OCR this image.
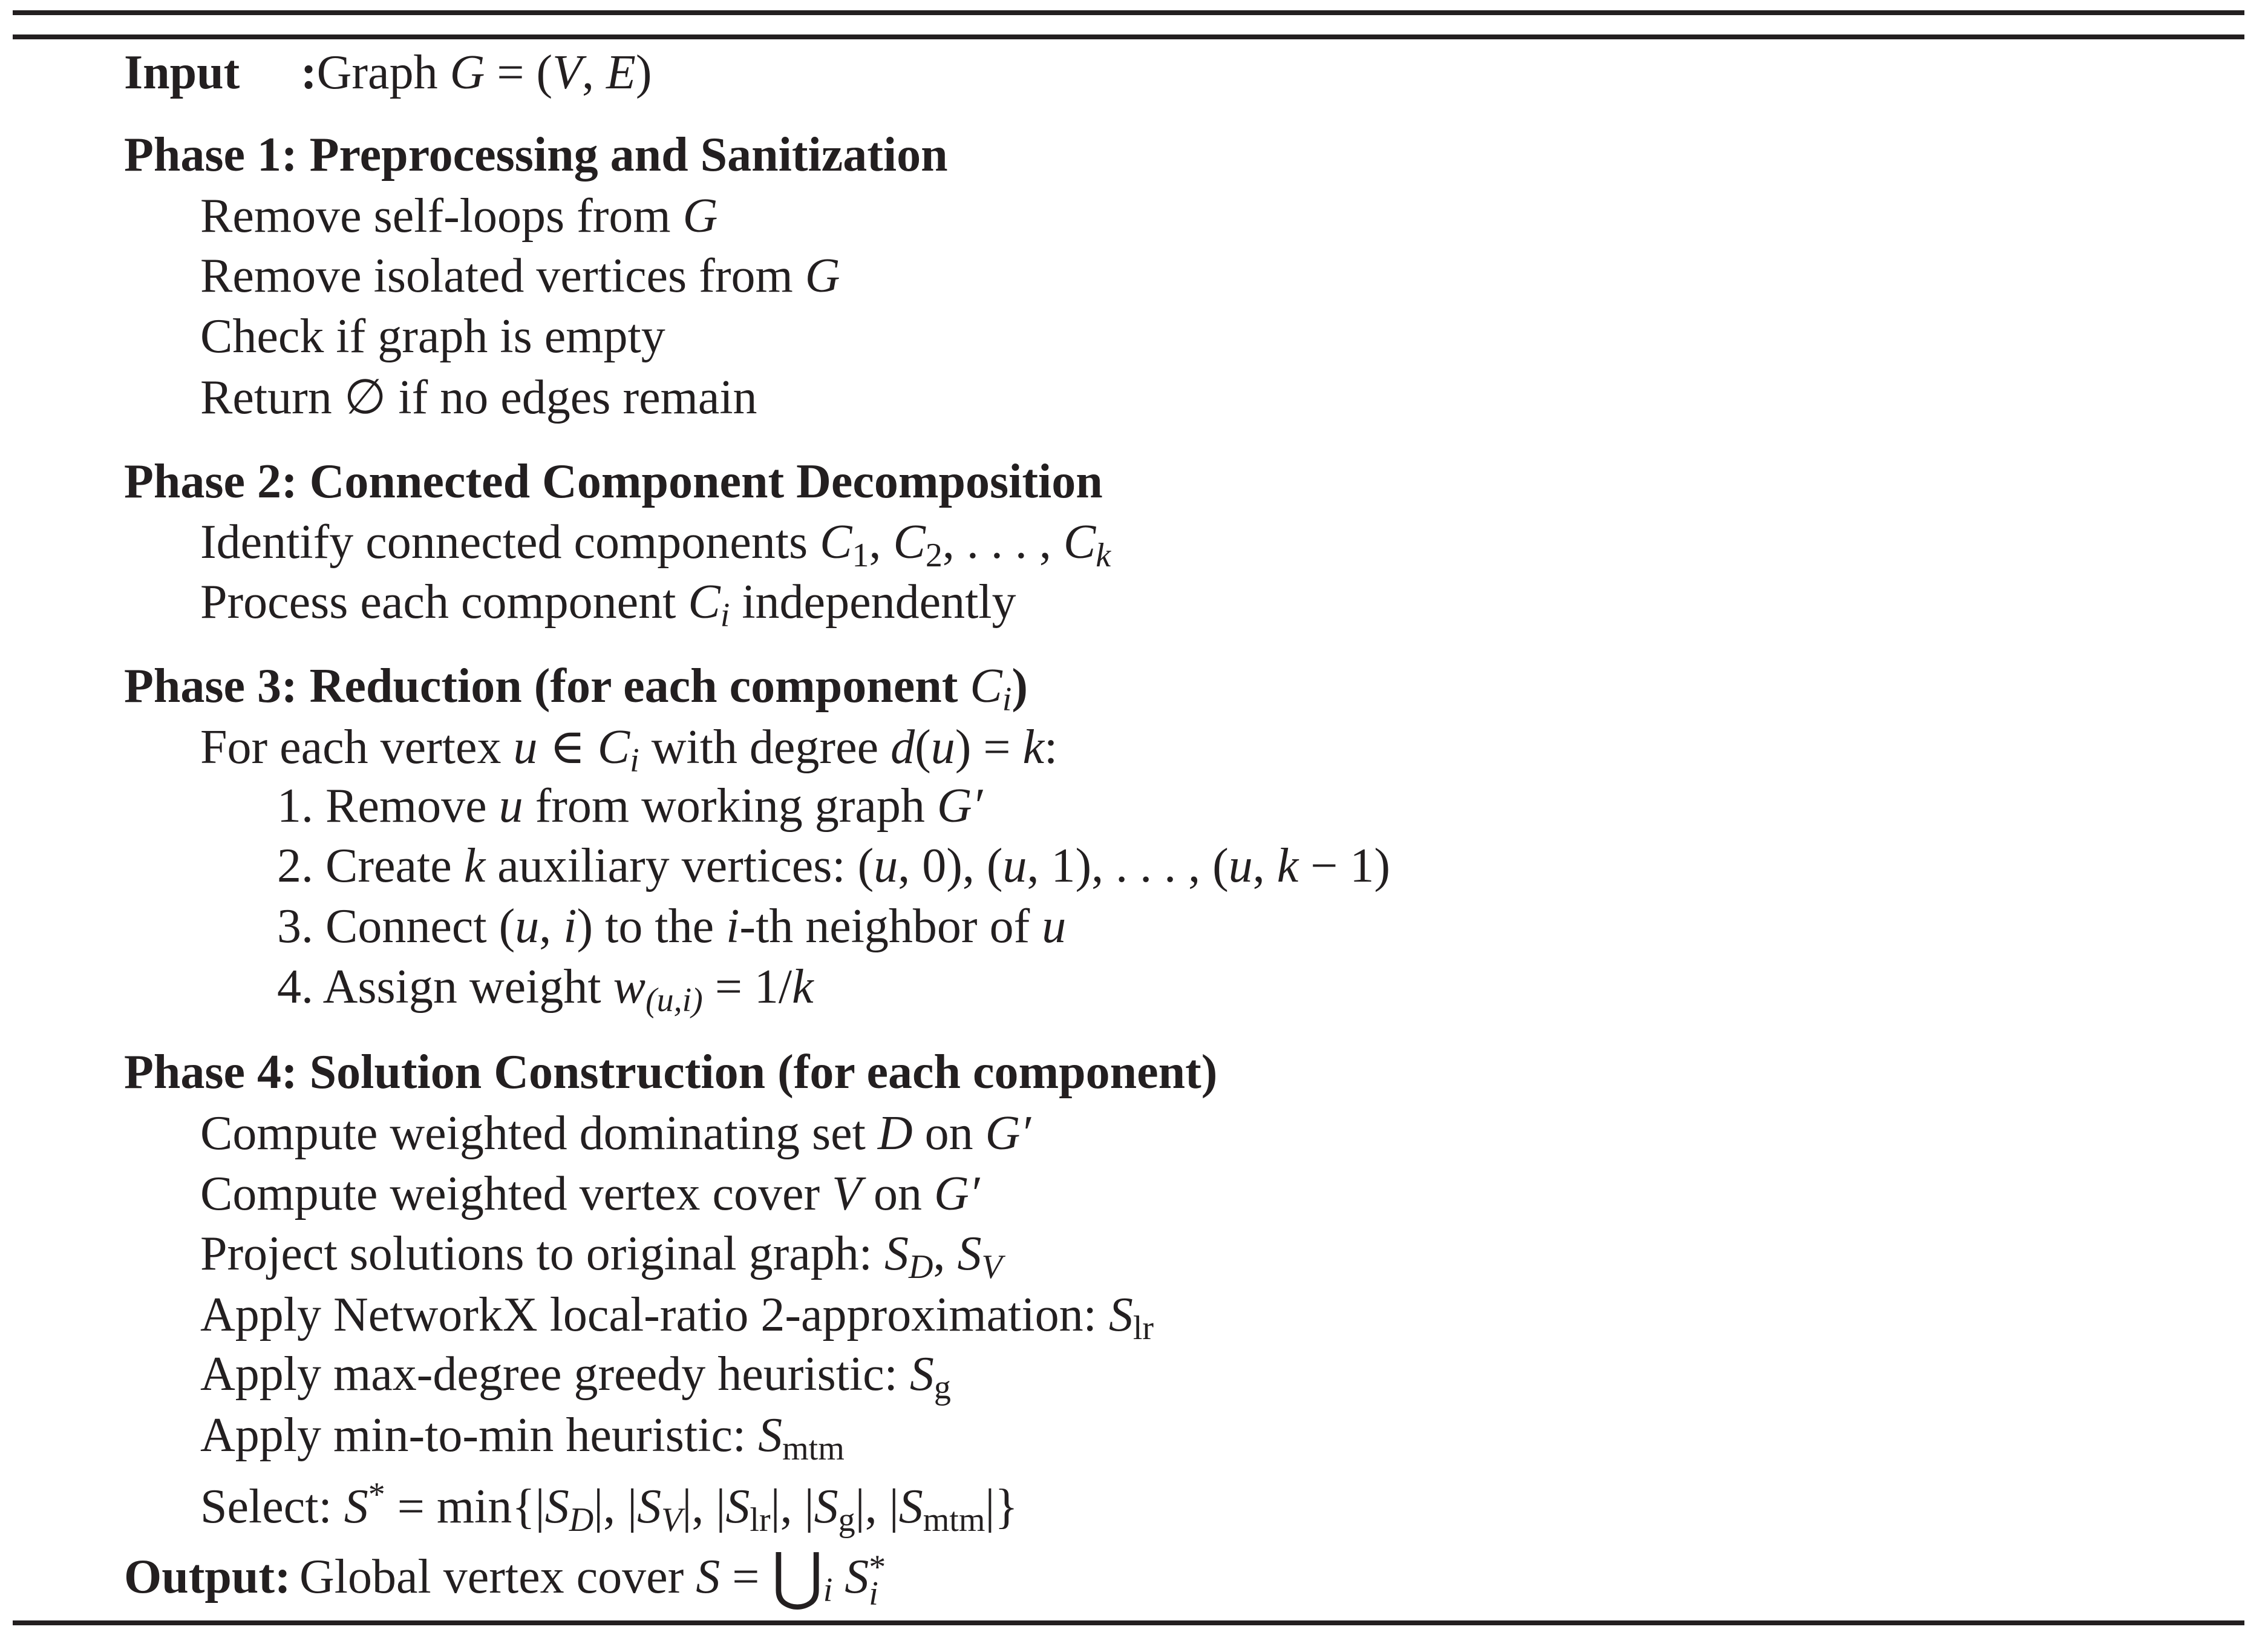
Input :Graph G = (V, E)
Phase 1: Preprocessing and Sanitization
Remove self-loops from G
Remove isolated vertices from G
Check if graph is empty
Return ∅ if no edges remain
Phase 2: Connected Component Decomposition
Identify connected components $C_1$, $C_2$, . . . , Ck
Process each component Ci independently
Phase 3: Reduction (for each component Ci)
For each vertex u ∈ Ci with degree d(u) = k:
1. Remove u from working graph G′
2. Create k auxiliary vertices: (u, 0), (u, 1), . . . , (u, k − 1)
3. Connect (u, i) to the i-th neighbor of u
4. Assign weight w(u,i) = 1/k
Phase 4: Solution Construction (for each component)
Compute weighted dominating set D on G′
Compute weighted vertex cover V on G′
Project solutions to original graph: SD, SV
Apply NetworkX local-ratio 2-approximation: $S_{lr}$
Apply max-degree greedy heuristic: $S_g$
Apply min-to-min heuristic: $S_{mtm}$
Select: S* = min{|SD|, |SV|, $|S_{lr}|$, $|S_g|$, $|S_{mtm}|$}
Output: Global vertex cover S = ⋃i S *
i
